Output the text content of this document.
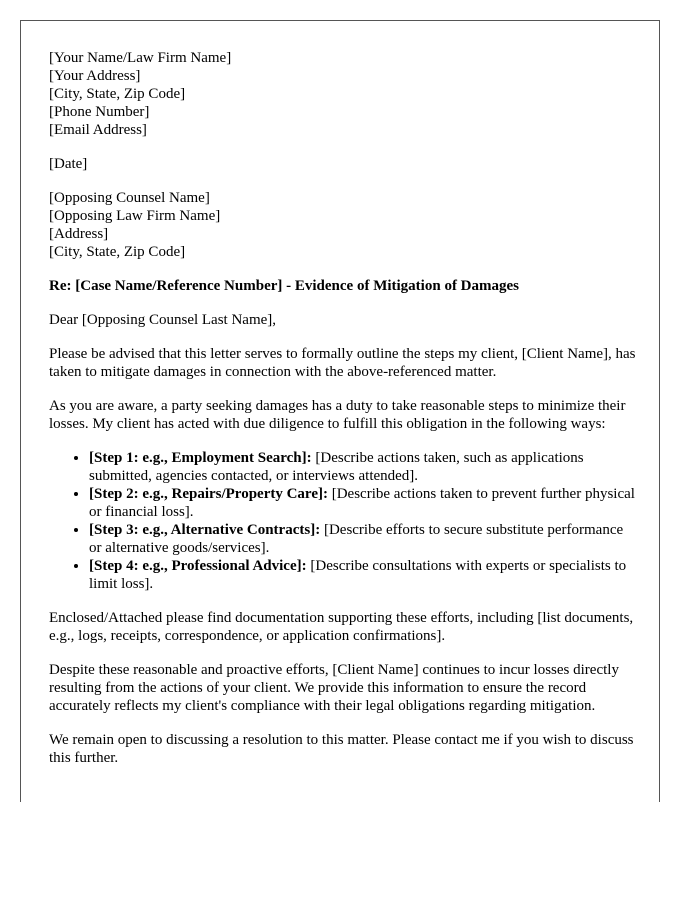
[Your Name/Law Firm Name]
[Your Address]
[City, State, Zip Code]
[Phone Number]
[Email Address]
[Date]
[Opposing Counsel Name]
[Opposing Law Firm Name]
[Address]
[City, State, Zip Code]

Re: [Case Name/Reference Number] - Evidence of Mitigation of Damages

Dear [Opposing Counsel Last Name],

Please be advised that this letter serves to formally outline the steps my client, [Client Name], has taken to mitigate damages in connection with the above-referenced matter.

As you are aware, a party seeking damages has a duty to take reasonable steps to minimize their losses. My client has acted with due diligence to fulfill this obligation in the following ways:

• [Step 1: e.g., Employment Search]: [Describe actions taken, such as applications submitted, agencies contacted, or interviews attended].
• [Step 2: e.g., Repairs/Property Care]: [Describe actions taken to prevent further physical or financial loss].
• [Step 3: e.g., Alternative Contracts]: [Describe efforts to secure substitute performance or alternative goods/services].
• [Step 4: e.g., Professional Advice]: [Describe consultations with experts or specialists to limit loss].

Enclosed/Attached please find documentation supporting these efforts, including [list documents, e.g., logs, receipts, correspondence, or application confirmations].

Despite these reasonable and proactive efforts, [Client Name] continues to incur losses directly resulting from the actions of your client. We provide this information to ensure the record accurately reflects my client's compliance with their legal obligations regarding mitigation.

We remain open to discussing a resolution to this matter. Please contact me if you wish to discuss this further.
